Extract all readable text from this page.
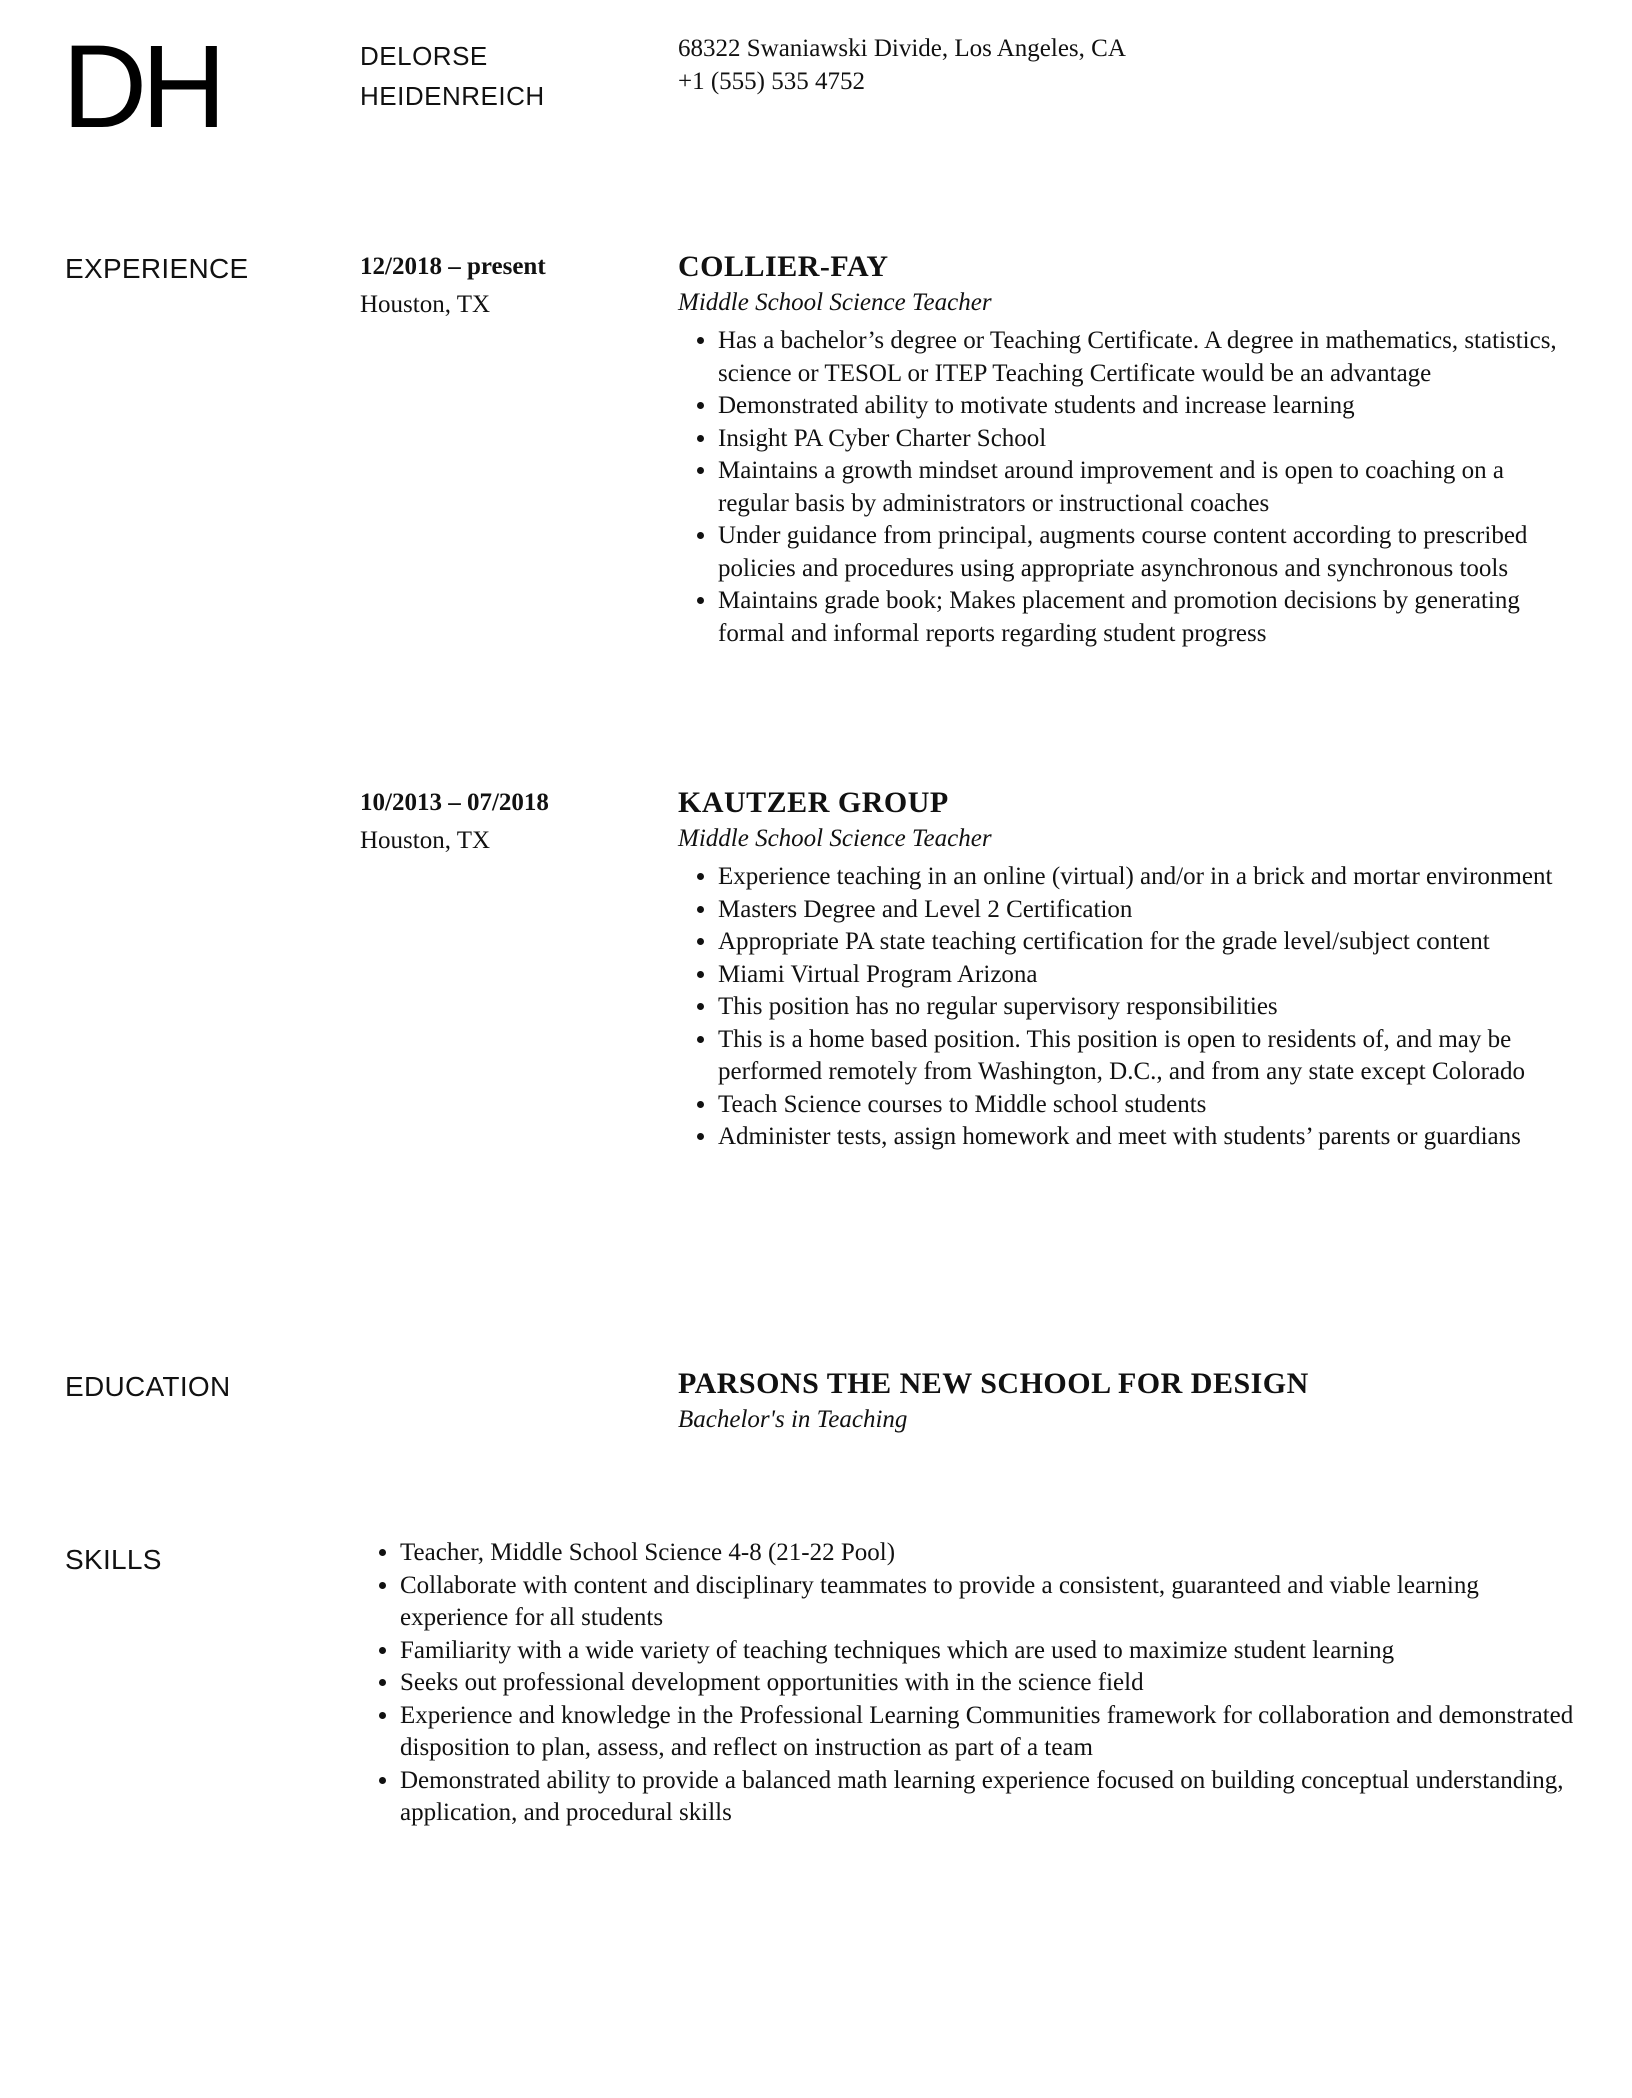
DH	DELORSE
HEIDENREICH
68322 Swaniawski Divide, Los Angeles, CA
+1 (555) 535 4752
EXPERIENCE	12/2018 – present
Houston, TX

COLLIER-FAY

Middle School Science Teacher

• Has a bachelor’s degree or Teaching Certificate. A degree in mathematics, statistics, science or TESOL or ITEP Teaching Certificate would be an advantage
• Demonstrated ability to motivate students and increase learning
• Insight PA Cyber Charter School
• Maintains a growth mindset around improvement and is open to coaching on a regular basis by administrators or instructional coaches
• Under guidance from principal, augments course content according to prescribed policies and procedures using appropriate asynchronous and synchronous tools
• Maintains grade book; Makes placement and promotion decisions by generating formal and informal reports regarding student progress
10/2013 – 07/2018
Houston, TX

KAUTZER GROUP

Middle School Science Teacher

• Experience teaching in an online (virtual) and/or in a brick and mortar environment
• Masters Degree and Level 2 Certification
• Appropriate PA state teaching certification for the grade level/subject content
• Miami Virtual Program Arizona
• This position has no regular supervisory responsibilities
• This is a home based position. This position is open to residents of, and may be performed remotely from Washington, D.C., and from any state except Colorado
• Teach Science courses to Middle school students
• Administer tests, assign homework and meet with students’ parents or guardians
EDUCATION	PARSONS THE NEW SCHOOL FOR DESIGN

Bachelor's in Teaching

SKILLS
•	Teacher, Middle School Science 4-8 (21-22 Pool)
• Collaborate with content and disciplinary teammates to provide a consistent, guaranteed and viable learning experience for all students
• Familiarity with a wide variety of teaching techniques which are used to maximize student learning
• Seeks out professional development opportunities with in the science field
• Experience and knowledge in the Professional Learning Communities framework for collaboration and demonstrated disposition to plan, assess, and reflect on instruction as part of a team
• Demonstrated ability to provide a balanced math learning experience focused on building conceptual understanding, application, and procedural skills
